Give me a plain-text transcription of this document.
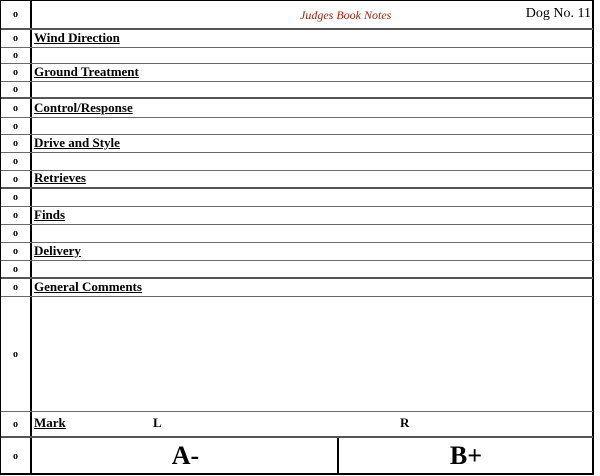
o	Judges Book Notes	Dog No. 11
o	Wind Direction
o
o	Ground Treatment
o
o	Control/Response
o
o	Drive and Style
o
o	Retrieves
o
o	Finds
o
o	Delivery
o
o	General Comments
o
o	Mark	L	R
o	A-	B+
